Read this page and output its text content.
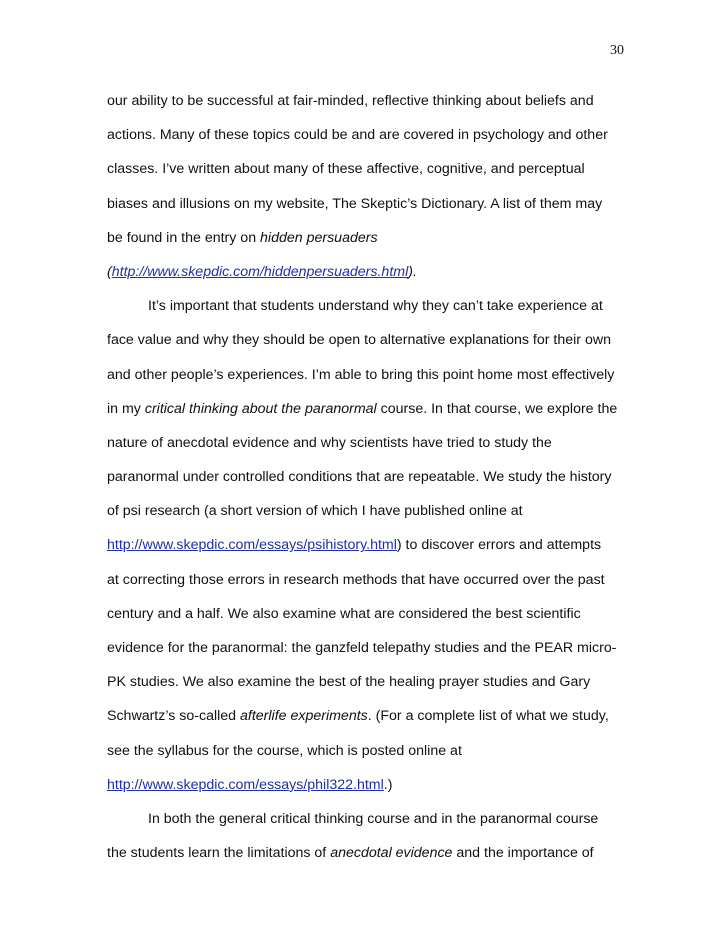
30
our ability to be successful at fair-minded, reflective thinking about beliefs and
actions. Many of these topics could be and are covered in psychology and other
classes. I’ve written about many of these affective, cognitive, and perceptual
biases and illusions on my website, The Skeptic’s Dictionary. A list of them may
be found in the entry on hidden persuaders
(http://www.skepdic.com/hiddenpersuaders.html).
It’s important that students understand why they can’t take experience at
face value and why they should be open to alternative explanations for their own
and other people’s experiences. I’m able to bring this point home most effectively
in my critical thinking about the paranormal course. In that course, we explore the
nature of anecdotal evidence and why scientists have tried to study the
paranormal under controlled conditions that are repeatable. We study the history
of psi research (a short version of which I have published online at
http://www.skepdic.com/essays/psihistory.html) to discover errors and attempts
at correcting those errors in research methods that have occurred over the past
century and a half. We also examine what are considered the best scientific
evidence for the paranormal: the ganzfeld telepathy studies and the PEAR micro-
PK studies. We also examine the best of the healing prayer studies and Gary
Schwartz’s so-called afterlife experiments. (For a complete list of what we study,
see the syllabus for the course, which is posted online at
http://www.skepdic.com/essays/phil322.html.)
In both the general critical thinking course and in the paranormal course
the students learn the limitations of anecdotal evidence and the importance of
